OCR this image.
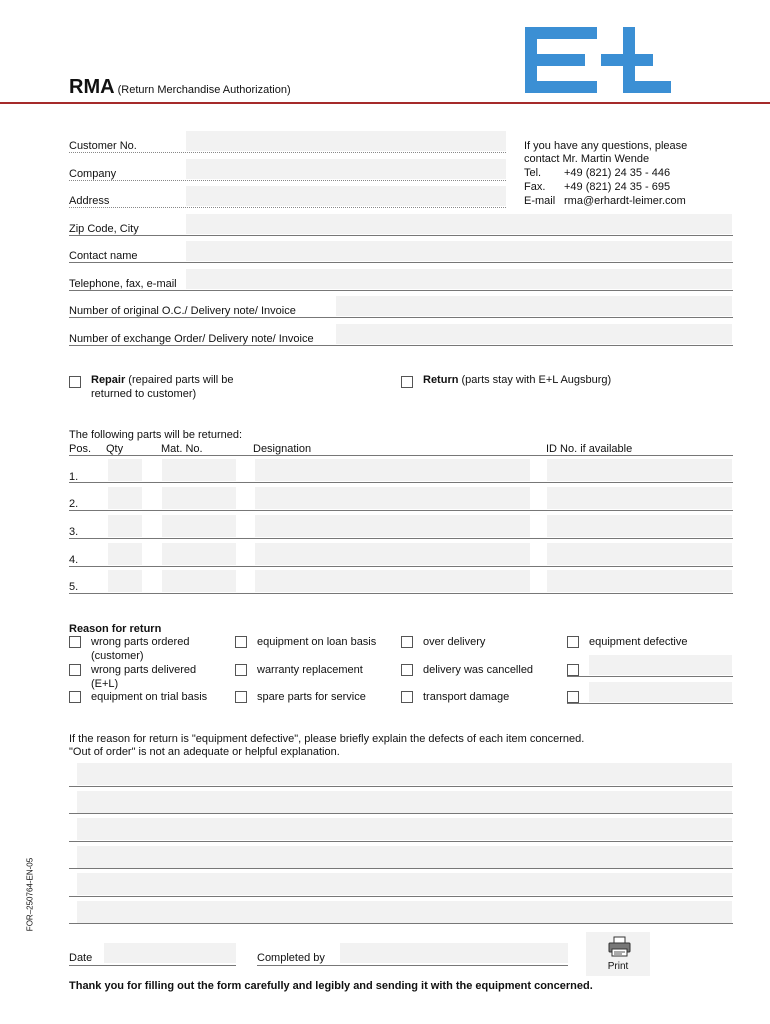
RMA (Return Merchandise Authorization)
If you have any questions, please
contact Mr. Martin Wende
Tel. +49 (821) 24 35 - 446
Fax. +49 (821) 24 35 - 695
E-mail rma@erhardt-leimer.com
Customer No.
Company
Address
Zip Code, City
Contact name
Telephone, fax, e-mail
Number of original O.C./ Delivery note/ Invoice
Number of exchange Order/ Delivery note/ Invoice
Repair (repaired parts will be
returned to customer)
Return (parts stay with E+L Augsburg)
The following parts will be returned:
Pos. Qty	Mat. No.	Designation	ID No. if available
1.
2.
3.
4.
5.
Reason for return
wrong parts ordered
(customer)
wrong parts delivered
(E+L)
equipment on trial basis
equipment on loan basis
warranty replacement
spare parts for service
over delivery
delivery was cancelled
transport damage
equipment defective
If the reason for return is "equipment defective", please briefly explain the defects of each item concerned.
"Out of order" is not an adequate or helpful explanation.
FOR–250764-EN-05
Date	Completed by
Print
Thank you for filling out the form carefully and legibly and sending it with the equipment concerned.
